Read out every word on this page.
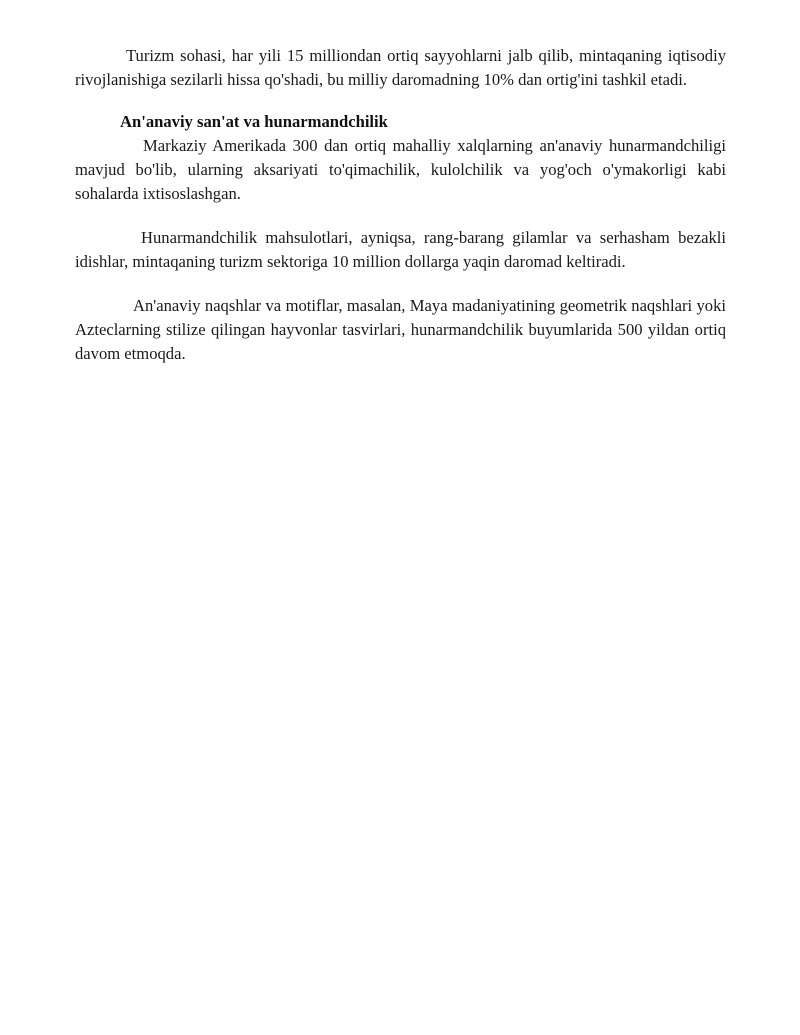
Turizm sohasi, har yili 15 milliondan ortiq sayyohlarni jalb qilib, mintaqaning iqtisodiy rivojlanishiga sezilarli hissa qo'shadi, bu milliy daromadning 10% dan ortig'ini tashkil etadi.

An'anaviy san'at va hunarmandchilik

Markaziy Amerikada 300 dan ortiq mahalliy xalqlarning an'anaviy hunarmandchiligi mavjud bo'lib, ularning aksariyati to'qimachilik, kulolchilik va yog'och o'ymakorligi kabi sohalarda ixtisoslashgan.

Hunarmandchilik mahsulotlari, ayniqsa, rang-barang gilamlar va serhasham bezakli idishlar, mintaqaning turizm sektoriga 10 million dollarga yaqin daromad keltiradi.

An'anaviy naqshlar va motiflar, masalan, Maya madaniyatining geometrik naqshlari yoki Azteclarning stilize qilingan hayvonlar tasvirlari, hunarmandchilik buyumlarida 500 yildan ortiq davom etmoqda.
